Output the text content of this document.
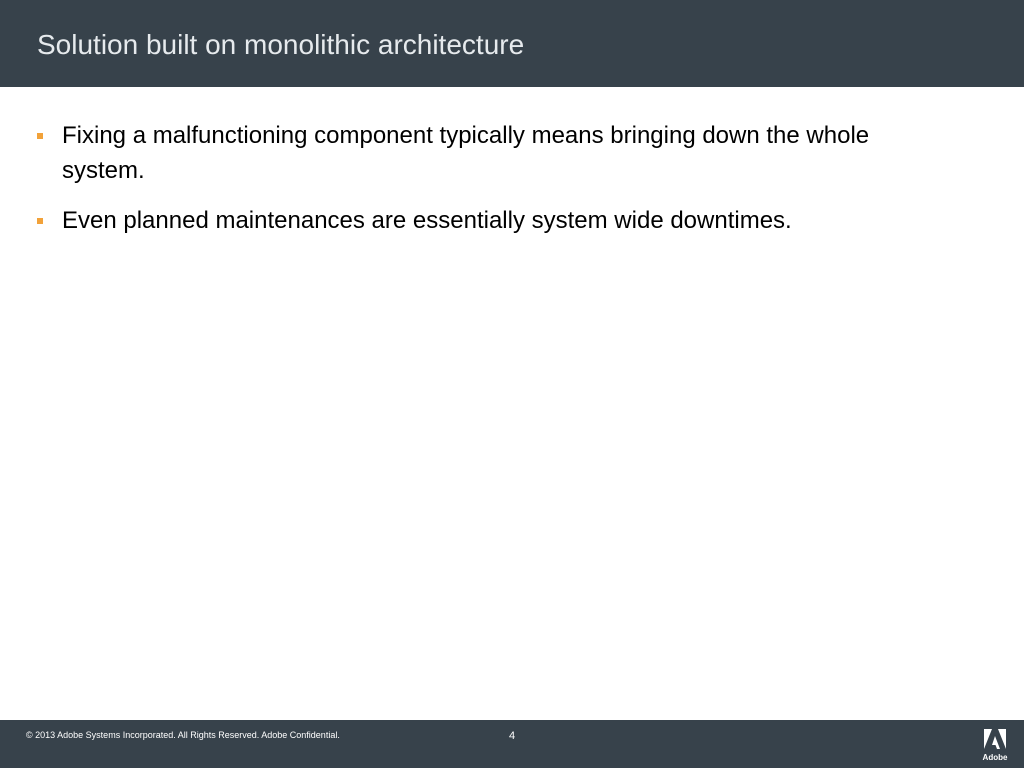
Solution built on monolithic architecture
Fixing a malfunctioning component typically means bringing down the whole system.
Even planned maintenances are essentially system wide downtimes.
© 2013 Adobe Systems Incorporated. All Rights Reserved. Adobe Confidential.	4
Adobe
